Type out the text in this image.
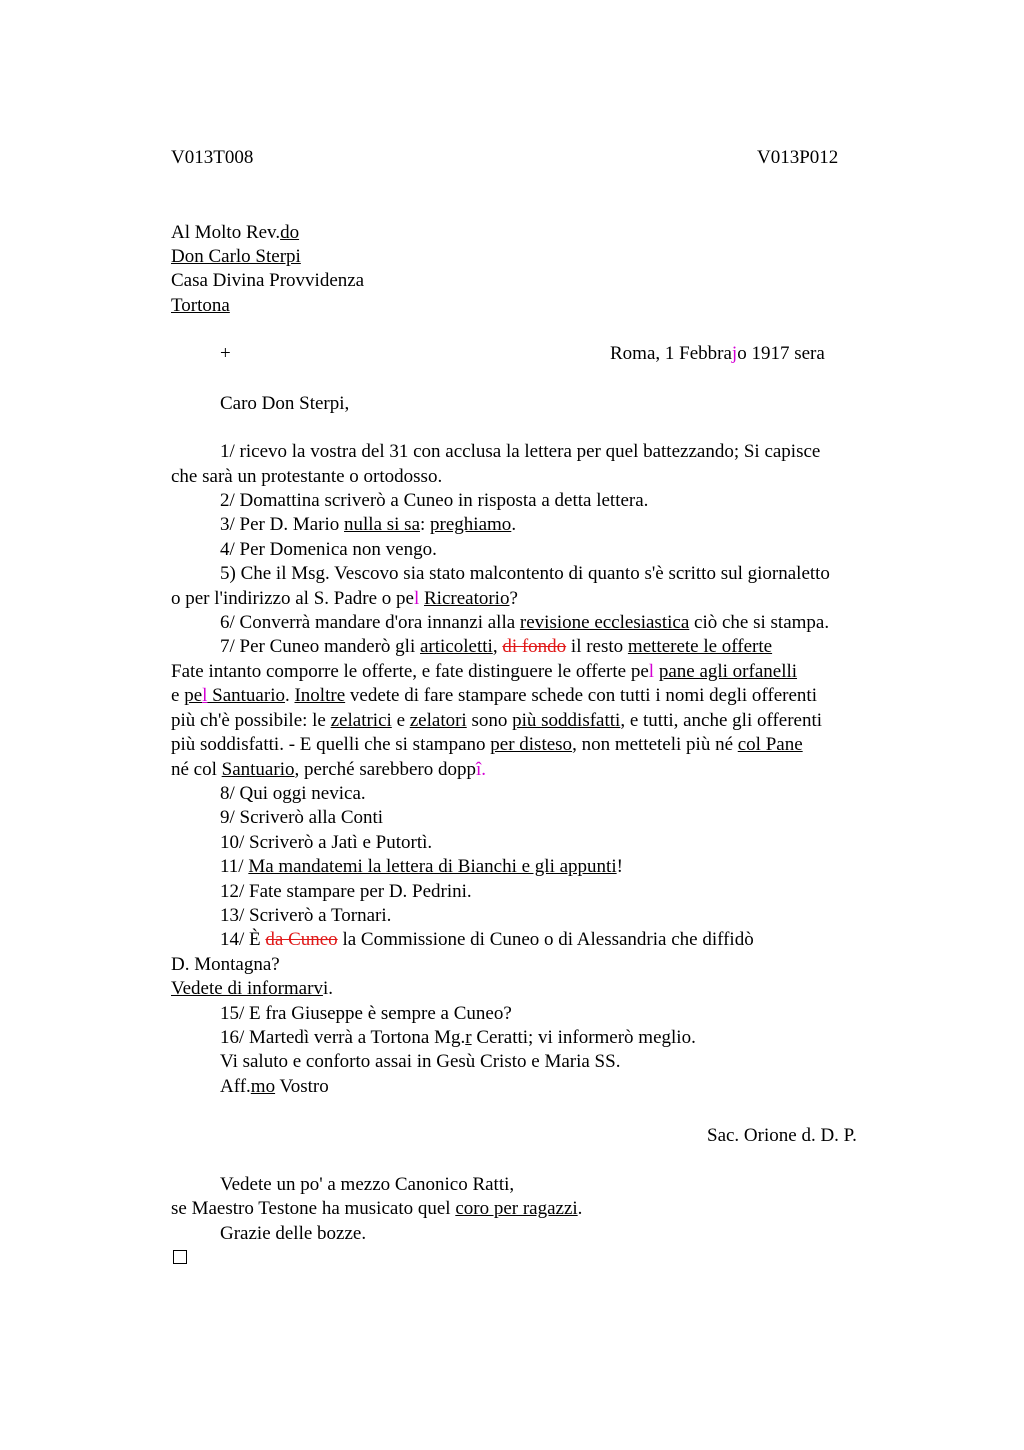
V013T008	V013P012
Al Molto Rev.do
Don Carlo Sterpi
Casa Divina Provvidenza
Tortona
+	Roma, 1 Febbrajo 1917 sera
Caro Don Sterpi,
1/ ricevo la vostra del 31 con acclusa la lettera per quel battezzando; Si capisce
che sarà un protestante o ortodosso.
2/ Domattina scriverò a Cuneo in risposta a detta lettera.
3/ Per D. Mario nulla si sa: preghiamo.
4/ Per Domenica non vengo.
5) Che il Msg. Vescovo sia stato malcontento di quanto s'è scritto sul giornaletto
o per l'indirizzo al S. Padre o pel Ricreatorio?
6/ Converrà mandare d'ora innanzi alla revisione ecclesiastica ciò che si stampa.
7/ Per Cuneo manderò gli articoletti, di fondo il resto metterete le offerte
Fate intanto comporre le offerte, e fate distinguere le offerte pel pane agli orfanelli
e pel Santuario. Inoltre vedete di fare stampare schede con tutti i nomi degli offerenti
più ch'è possibile: le zelatrici e zelatori sono più soddisfatti, e tutti, anche gli offerenti
più soddisfatti. - E quelli che si stampano per disteso, non metteteli più né col Pane
né col Santuario, perché sarebbero doppî.
8/ Qui oggi nevica.
9/ Scriverò alla Conti
10/ Scriverò a Jatì e Putortì.
11/ Ma mandatemi la lettera di Bianchi e gli appunti!
12/ Fate stampare per D. Pedrini.
13/ Scriverò a Tornari.
14/ È da Cuneo la Commissione di Cuneo o di Alessandria che diffidò
D. Montagna?
Vedete di informarvi.
15/ E fra Giuseppe è sempre a Cuneo?
16/ Martedì verrà a Tortona Mg.r Ceratti; vi informerò meglio.
Vi saluto e conforto assai in Gesù Cristo e Maria SS.
Aff.mo Vostro
Sac. Orione d. D. P.
Vedete un po' a mezzo Canonico Ratti,
se Maestro Testone ha musicato quel coro per ragazzi.
Grazie delle bozze.
